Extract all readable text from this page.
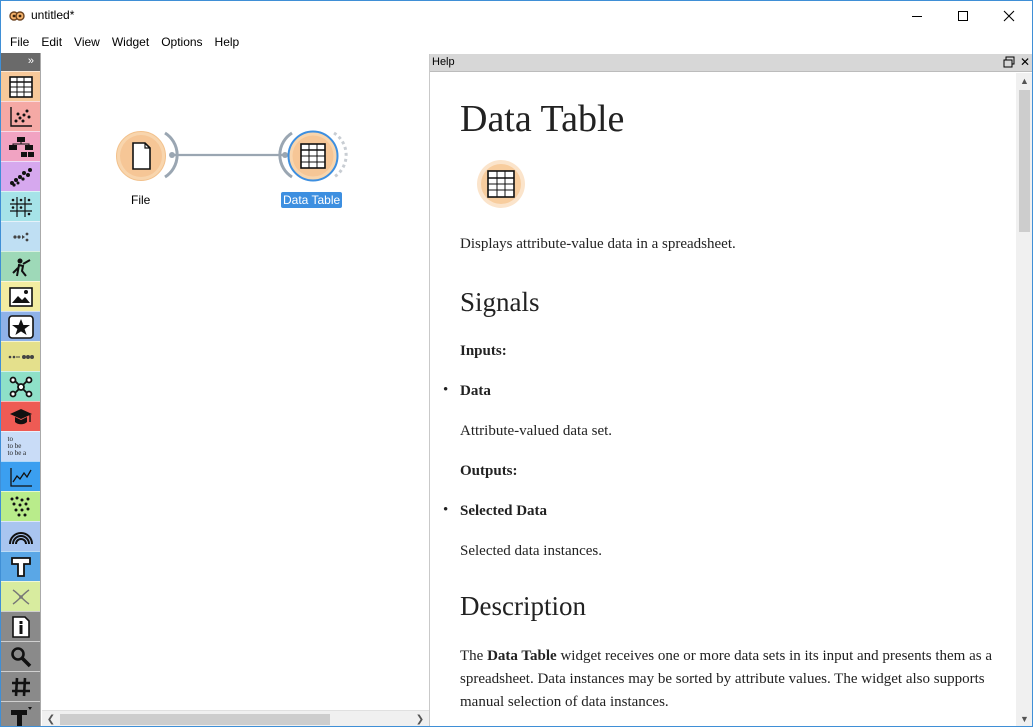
untitled*
File	Edit	View	Widget	Options	Help
»
to
to be
to be a
File	Data Table
❮	❯
Help	✕
Data Table
Displays attribute-value data in a spreadsheet.
Signals
Inputs:
• Data
Attribute-valued data set.
Outputs:
• Selected Data
Selected data instances.
Description
The Data Table widget receives one or more data sets in its input and presents them as a spreadsheet. Data instances may be sorted by attribute values. The widget also supports manual selection of data instances.
▲
▼
